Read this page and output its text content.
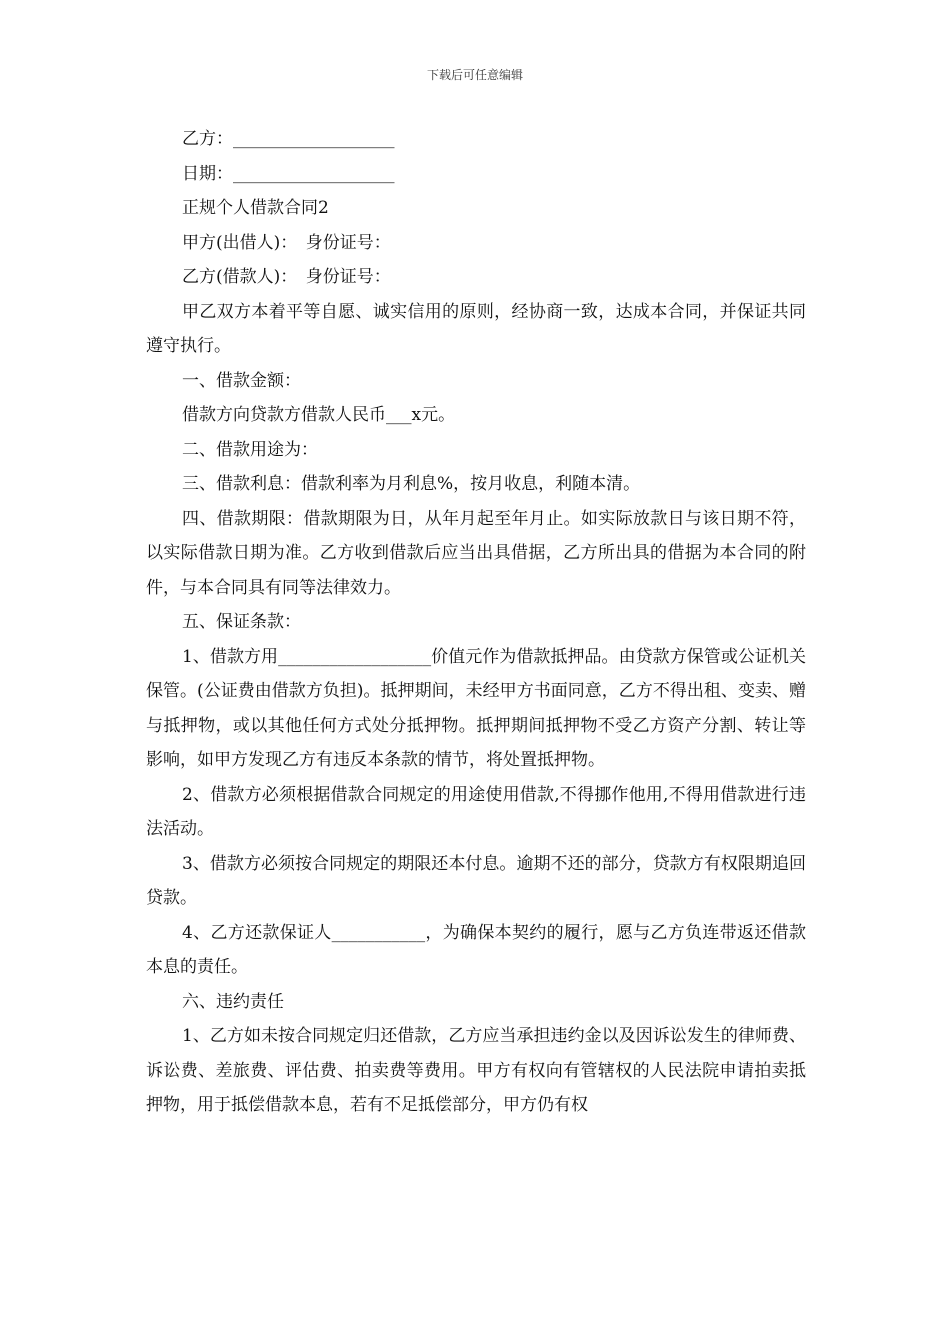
下载后可任意编辑

乙方：___________________

日期：___________________

正规个人借款合同2

甲方(出借人)：　身份证号：

乙方(借款人)：　身份证号：

甲乙双方本着平等自愿、诚实信用的原则，经协商一致，达成本合同，并保证共同遵守执行。

一、借款金额：

借款方向贷款方借款人民币___x元。

二、借款用途为：

三、借款利息：借款利率为月利息%，按月收息，利随本清。

四、借款期限：借款期限为日，从年月起至年月止。如实际放款日与该日期不符，以实际借款日期为准。乙方收到借款后应当出具借据，乙方所出具的借据为本合同的附件，与本合同具有同等法律效力。

五、保证条款：

1、借款方用__________________价值元作为借款抵押品。由贷款方保管或公证机关保管。(公证费由借款方负担)。抵押期间，未经甲方书面同意，乙方不得出租、变卖、赠与抵押物，或以其他任何方式处分抵押物。抵押期间抵押物不受乙方资产分割、转让等影响，如甲方发现乙方有违反本条款的情节，将处置抵押物。

2、借款方必须根据借款合同规定的用途使用借款,不得挪作他用,不得用借款进行违法活动。

3、借款方必须按合同规定的期限还本付息。逾期不还的部分，贷款方有权限期追回贷款。

4、乙方还款保证人___________，为确保本契约的履行，愿与乙方负连带返还借款本息的责任。

六、违约责任

1、乙方如未按合同规定归还借款，乙方应当承担违约金以及因诉讼发生的律师费、诉讼费、差旅费、评估费、拍卖费等费用。甲方有权向有管辖权的人民法院申请拍卖抵押物，用于抵偿借款本息，若有不足抵偿部分，甲方仍有权
